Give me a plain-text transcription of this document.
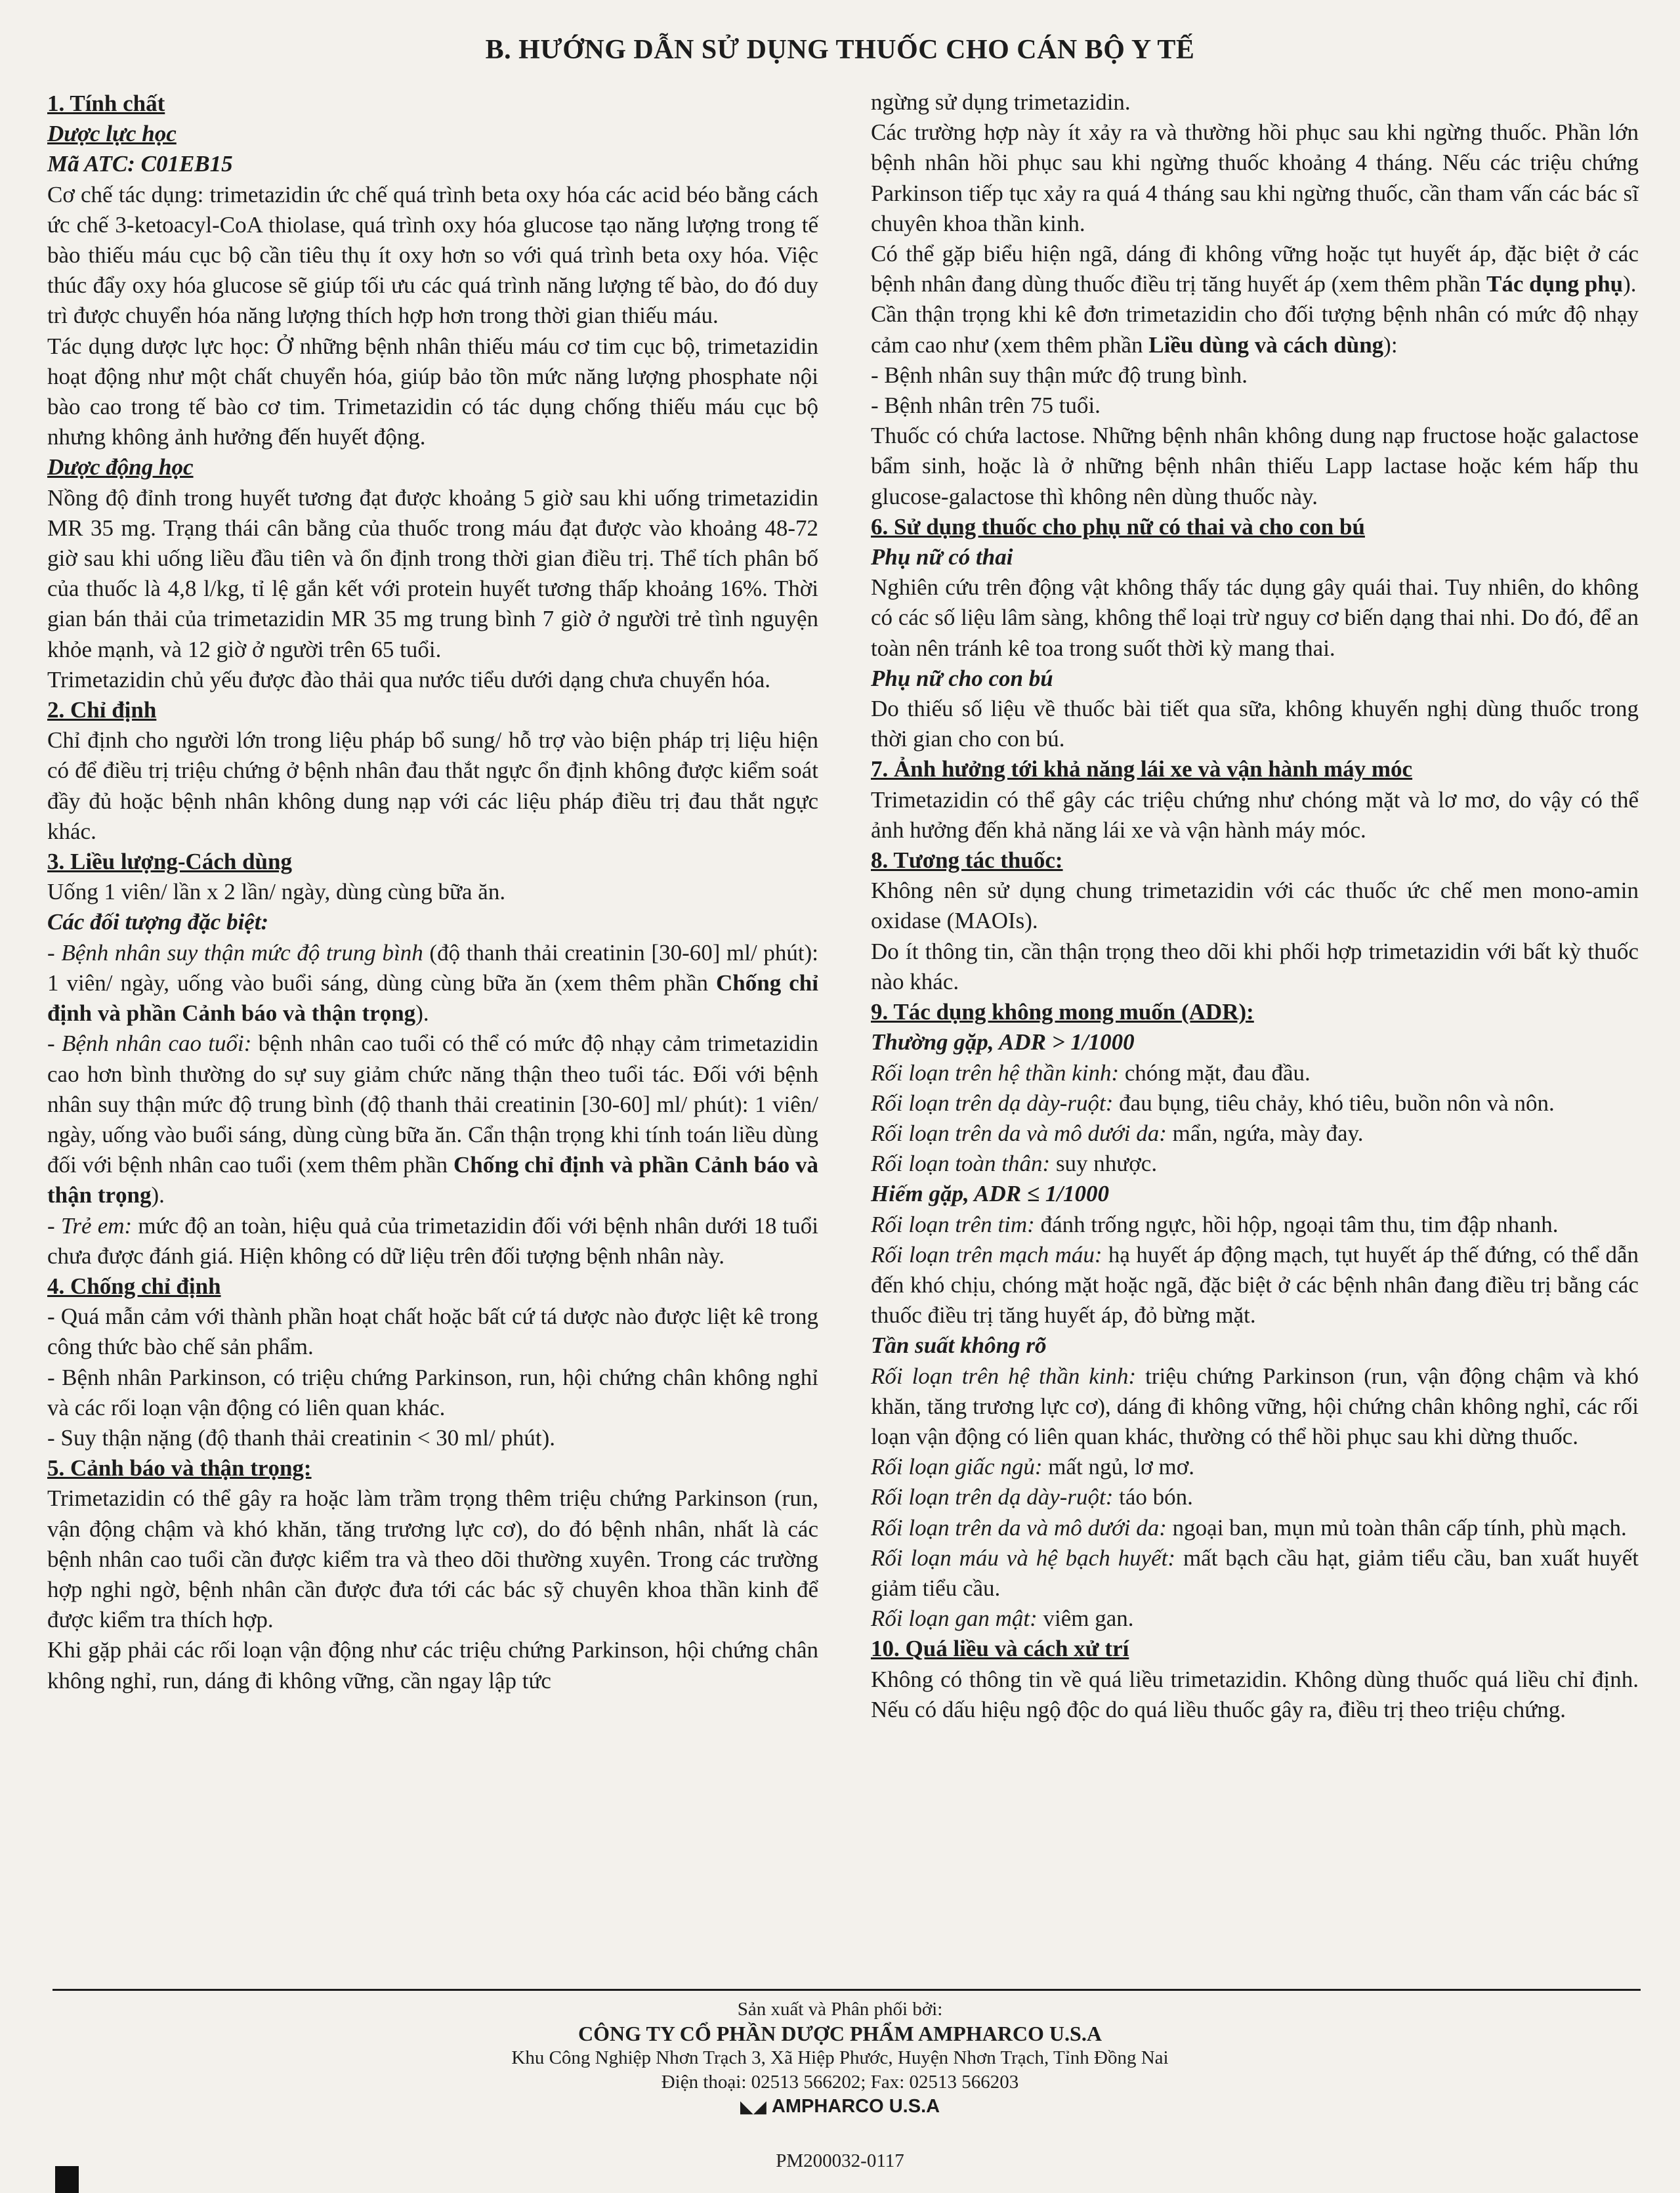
B. HƯỚNG DẪN SỬ DỤNG THUỐC CHO CÁN BỘ Y TẾ

1. Tính chất

Dược lực học

Mã ATC: C01EB15

Cơ chế tác dụng: trimetazidin ức chế quá trình beta oxy hóa các acid béo bằng cách ức chế 3-ketoacyl-CoA thiolase, quá trình oxy hóa glucose tạo năng lượng trong tế bào thiếu máu cục bộ cần tiêu thụ ít oxy hơn so với quá trình beta oxy hóa. Việc thúc đẩy oxy hóa glucose sẽ giúp tối ưu các quá trình năng lượng tế bào, do đó duy trì được chuyển hóa năng lượng thích hợp hơn trong thời gian thiếu máu.

Tác dụng dược lực học: Ở những bệnh nhân thiếu máu cơ tim cục bộ, trimetazidin hoạt động như một chất chuyển hóa, giúp bảo tồn mức năng lượng phosphate nội bào cao trong tế bào cơ tim. Trimetazidin có tác dụng chống thiếu máu cục bộ nhưng không ảnh hưởng đến huyết động.

Dược động học

Nồng độ đỉnh trong huyết tương đạt được khoảng 5 giờ sau khi uống trimetazidin MR 35 mg. Trạng thái cân bằng của thuốc trong máu đạt được vào khoảng 48-72 giờ sau khi uống liều đầu tiên và ổn định trong thời gian điều trị. Thể tích phân bố của thuốc là 4,8 l/kg, tỉ lệ gắn kết với protein huyết tương thấp khoảng 16%. Thời gian bán thải của trimetazidin MR 35 mg trung bình 7 giờ ở người trẻ tình nguyện khỏe mạnh, và 12 giờ ở người trên 65 tuổi.

Trimetazidin chủ yếu được đào thải qua nước tiểu dưới dạng chưa chuyển hóa.

2. Chỉ định

Chỉ định cho người lớn trong liệu pháp bổ sung/ hỗ trợ vào biện pháp trị liệu hiện có để điều trị triệu chứng ở bệnh nhân đau thắt ngực ổn định không được kiểm soát đầy đủ hoặc bệnh nhân không dung nạp với các liệu pháp điều trị đau thắt ngực khác.

3. Liều lượng-Cách dùng

Uống 1 viên/ lần x 2 lần/ ngày, dùng cùng bữa ăn.

Các đối tượng đặc biệt:

- Bệnh nhân suy thận mức độ trung bình (độ thanh thải creatinin [30-60] ml/ phút): 1 viên/ ngày, uống vào buổi sáng, dùng cùng bữa ăn (xem thêm phần Chống chỉ định và phần Cảnh báo và thận trọng).

- Bệnh nhân cao tuổi: bệnh nhân cao tuổi có thể có mức độ nhạy cảm trimetazidin cao hơn bình thường do sự suy giảm chức năng thận theo tuổi tác. Đối với bệnh nhân suy thận mức độ trung bình (độ thanh thải creatinin [30-60] ml/ phút): 1 viên/ ngày, uống vào buổi sáng, dùng cùng bữa ăn. Cẩn thận trọng khi tính toán liều dùng đối với bệnh nhân cao tuổi (xem thêm phần Chống chỉ định và phần Cảnh báo và thận trọng).

- Trẻ em: mức độ an toàn, hiệu quả của trimetazidin đối với bệnh nhân dưới 18 tuổi chưa được đánh giá. Hiện không có dữ liệu trên đối tượng bệnh nhân này.

4. Chống chỉ định

- Quá mẫn cảm với thành phần hoạt chất hoặc bất cứ tá dược nào được liệt kê trong công thức bào chế sản phẩm.

- Bệnh nhân Parkinson, có triệu chứng Parkinson, run, hội chứng chân không nghỉ và các rối loạn vận động có liên quan khác.

- Suy thận nặng (độ thanh thải creatinin < 30 ml/ phút).

5. Cảnh báo và thận trọng:

Trimetazidin có thể gây ra hoặc làm trầm trọng thêm triệu chứng Parkinson (run, vận động chậm và khó khăn, tăng trương lực cơ), do đó bệnh nhân, nhất là các bệnh nhân cao tuổi cần được kiểm tra và theo dõi thường xuyên. Trong các trường hợp nghi ngờ, bệnh nhân cần được đưa tới các bác sỹ chuyên khoa thần kinh để được kiểm tra thích hợp.

Khi gặp phải các rối loạn vận động như các triệu chứng Parkinson, hội chứng chân không nghỉ, run, dáng đi không vững, cần ngay lập tức

ngừng sử dụng trimetazidin.

Các trường hợp này ít xảy ra và thường hồi phục sau khi ngừng thuốc. Phần lớn bệnh nhân hồi phục sau khi ngừng thuốc khoảng 4 tháng. Nếu các triệu chứng Parkinson tiếp tục xảy ra quá 4 tháng sau khi ngừng thuốc, cần tham vấn các bác sĩ chuyên khoa thần kinh.

Có thể gặp biểu hiện ngã, dáng đi không vững hoặc tụt huyết áp, đặc biệt ở các bệnh nhân đang dùng thuốc điều trị tăng huyết áp (xem thêm phần Tác dụng phụ).

Cần thận trọng khi kê đơn trimetazidin cho đối tượng bệnh nhân có mức độ nhạy cảm cao như (xem thêm phần Liều dùng và cách dùng):

- Bệnh nhân suy thận mức độ trung bình.

- Bệnh nhân trên 75 tuổi.

Thuốc có chứa lactose. Những bệnh nhân không dung nạp fructose hoặc galactose bẩm sinh, hoặc là ở những bệnh nhân thiếu Lapp lactase hoặc kém hấp thu glucose-galactose thì không nên dùng thuốc này.

6. Sử dụng thuốc cho phụ nữ có thai và cho con bú

Phụ nữ có thai

Nghiên cứu trên động vật không thấy tác dụng gây quái thai. Tuy nhiên, do không có các số liệu lâm sàng, không thể loại trừ nguy cơ biến dạng thai nhi. Do đó, để an toàn nên tránh kê toa trong suốt thời kỳ mang thai.

Phụ nữ cho con bú

Do thiếu số liệu về thuốc bài tiết qua sữa, không khuyến nghị dùng thuốc trong thời gian cho con bú.

7. Ảnh hưởng tới khả năng lái xe và vận hành máy móc

Trimetazidin có thể gây các triệu chứng như chóng mặt và lơ mơ, do vậy có thể ảnh hưởng đến khả năng lái xe và vận hành máy móc.

8. Tương tác thuốc:

Không nên sử dụng chung trimetazidin với các thuốc ức chế men mono-amin oxidase (MAOIs).

Do ít thông tin, cần thận trọng theo dõi khi phối hợp trimetazidin với bất kỳ thuốc nào khác.

9. Tác dụng không mong muốn (ADR):

Thường gặp, ADR > 1/1000

Rối loạn trên hệ thần kinh: chóng mặt, đau đầu.

Rối loạn trên dạ dày-ruột: đau bụng, tiêu chảy, khó tiêu, buồn nôn và nôn.

Rối loạn trên da và mô dưới da: mẩn, ngứa, mày đay.

Rối loạn toàn thân: suy nhược.

Hiếm gặp, ADR ≤ 1/1000

Rối loạn trên tim: đánh trống ngực, hồi hộp, ngoại tâm thu, tim đập nhanh.

Rối loạn trên mạch máu: hạ huyết áp động mạch, tụt huyết áp thế đứng, có thể dẫn đến khó chịu, chóng mặt hoặc ngã, đặc biệt ở các bệnh nhân đang điều trị bằng các thuốc điều trị tăng huyết áp, đỏ bừng mặt.

Tần suất không rõ

Rối loạn trên hệ thần kinh: triệu chứng Parkinson (run, vận động chậm và khó khăn, tăng trương lực cơ), dáng đi không vững, hội chứng chân không nghỉ, các rối loạn vận động có liên quan khác, thường có thể hồi phục sau khi dừng thuốc.

Rối loạn giấc ngủ: mất ngủ, lơ mơ.

Rối loạn trên dạ dày-ruột: táo bón.

Rối loạn trên da và mô dưới da: ngoại ban, mụn mủ toàn thân cấp tính, phù mạch.

Rối loạn máu và hệ bạch huyết: mất bạch cầu hạt, giảm tiểu cầu, ban xuất huyết giảm tiểu cầu.

Rối loạn gan mật: viêm gan.

10. Quá liều và cách xử trí

Không có thông tin về quá liều trimetazidin. Không dùng thuốc quá liều chỉ định. Nếu có dấu hiệu ngộ độc do quá liều thuốc gây ra, điều trị theo triệu chứng.

Sản xuất và Phân phối bởi:
CÔNG TY CỔ PHẦN DƯỢC PHẨM AMPHARCO U.S.A
Khu Công Nghiệp Nhơn Trạch 3, Xã Hiệp Phước, Huyện Nhơn Trạch, Tỉnh Đồng Nai
Điện thoại: 02513 566202; Fax: 02513 566203
◣◢ AMPHARCO U.S.A
PM200032-0117
